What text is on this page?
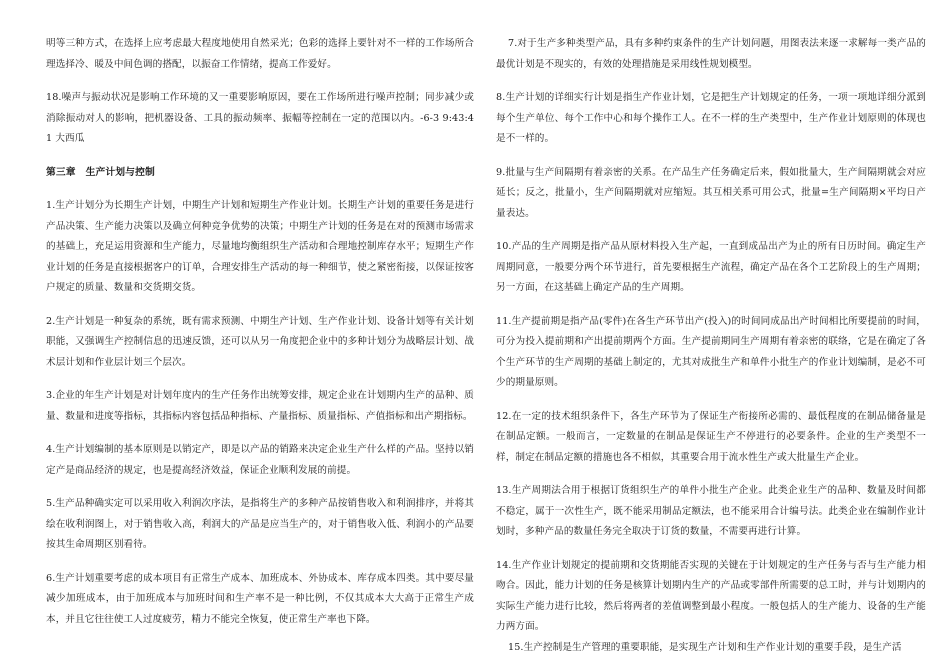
明等三种方式，在选择上应考虑最大程度地使用自然采光；色彩的选择上要针对不一样的工作场所合理选择冷、暖及中间色调的搭配，以振奋工作情绪，提高工作爱好。

18.噪声与振动状况是影响工作环境的又一重要影响原因，要在工作场所进行噪声控制；同步减少或消除振动对人的影响，把机器设备、工具的振动频率、振幅等控制在一定的范围以内。-6-3 9:43:41 大西瓜

第三章　生产计划与控制

1.生产计划分为长期生产计划，中期生产计划和短期生产作业计划。长期生产计划的重要任务是进行产品决策、生产能力决策以及确立何种竞争优势的决策；中期生产计划的任务是在对的预测市场需求的基础上，充足运用资源和生产能力，尽量地均衡组织生产活动和合理地控制库存水平；短期生产作业计划的任务是直接根据客户的订单，合理安排生产活动的每一种细节，使之紧密衔接，以保证按客户规定的质量、数量和交货期交货。

2.生产计划是一种复杂的系统，既有需求预测、中期生产计划、生产作业计划、设备计划等有关计划职能，又强调生产控制信息的迅速反馈，还可以从另一角度把企业中的多种计划分为战略层计划、战术层计划和作业层计划三个层次。

3.企业的年生产计划是对计划年度内的生产任务作出统筹安排，规定企业在计划期内生产的品种、质量、数量和进度等指标，其指标内容包括品种指标、产量指标、质量指标、产值指标和出产期指标。

4.生产计划编制的基本原则是以销定产，即是以产品的销路来决定企业生产什么样的产品。坚持以销定产是商品经济的规定，也是提高经济效益，保证企业顺利发展的前提。

5.生产品种确实定可以采用收入利润次序法，是指将生产的多种产品按销售收入和利润排序，并将其绘在收利润图上，对于销售收入高，利润大的产品是应当生产的，对于销售收入低、利润小的产品要按其生命周期区别看待。

6.生产计划重要考虑的成本项目有正常生产成本、加班成本、外协成本、库存成本四类。其中要尽量减少加班成本，由于加班成本与加班时间和生产率不是一种比例，不仅其成本大大高于正常生产成本，并且它往往使工人过度疲劳，精力不能完全恢复，使正常生产率也下降。

7.对于生产多种类型产品，具有多种约束条件的生产计划问题，用图表法来逐一求解每一类产品的最优计划是不现实的，有效的处理措施是采用线性规划模型。

8.生产计划的详细实行计划是指生产作业计划，它是把生产计划规定的任务，一项一项地详细分派到每个生产单位、每个工作中心和每个操作工人。在不一样的生产类型中，生产作业计划原则的体现也是不一样的。

9.批量与生产间隔期有着亲密的关系。在产品生产任务确定后来，假如批量大，生产间隔期就会对应延长；反之，批量小，生产间隔期就对应缩短。其互相关系可用公式，批量=生产间隔期×平均日产量表达。

10.产品的生产周期是指产品从原材料投入生产起，一直到成品出产为止的所有日历时间。确定生产周期同意，一般要分两个环节进行，首先要根据生产流程，确定产品在各个工艺阶段上的生产周期；另一方面，在这基础上确定产品的生产周期。

11.生产提前期是指产品(零件)在各生产环节出产(投入)的时间同成品出产时间相比所要提前的时间，可分为投入提前期和产出提前期两个方面。生产提前期同生产周期有着亲密的联络，它是在确定了各个生产环节的生产周期的基础上制定的，尤其对成批生产和单件小批生产的作业计划编制，是必不可少的期量原则。

12.在一定的技术组织条件下，各生产环节为了保证生产衔接所必需的、最低程度的在制品储备量是在制品定额。一般而言，一定数量的在制品是保证生产不停进行的必要条件。企业的生产类型不一样，制定在制品定额的措施也各不相似，其重要合用于流水性生产或大批量生产企业。

13.生产周期法合用于根据订货组织生产的单件小批生产企业。此类企业生产的品种、数量及时间都不稳定，属于一次性生产，既不能采用制品定额法，也不能采用合计编号法。此类企业在编制作业计划时，多种产品的数量任务完全取决于订货的数量，不需要再进行计算。

14.生产作业计划规定的提前期和交货期能否实现的关键在于计划规定的生产任务与否与生产能力相吻合。因此，能力计划的任务是核算计划期内生产的产品或零部件所需要的总工时，并与计划期内的实际生产能力进行比较，然后将两者的差值调整到最小程度。一般包括人的生产能力、设备的生产能力两方面。

15.生产控制是生产管理的重要职能，是实现生产计划和生产作业计划的重要手段，是生产活
